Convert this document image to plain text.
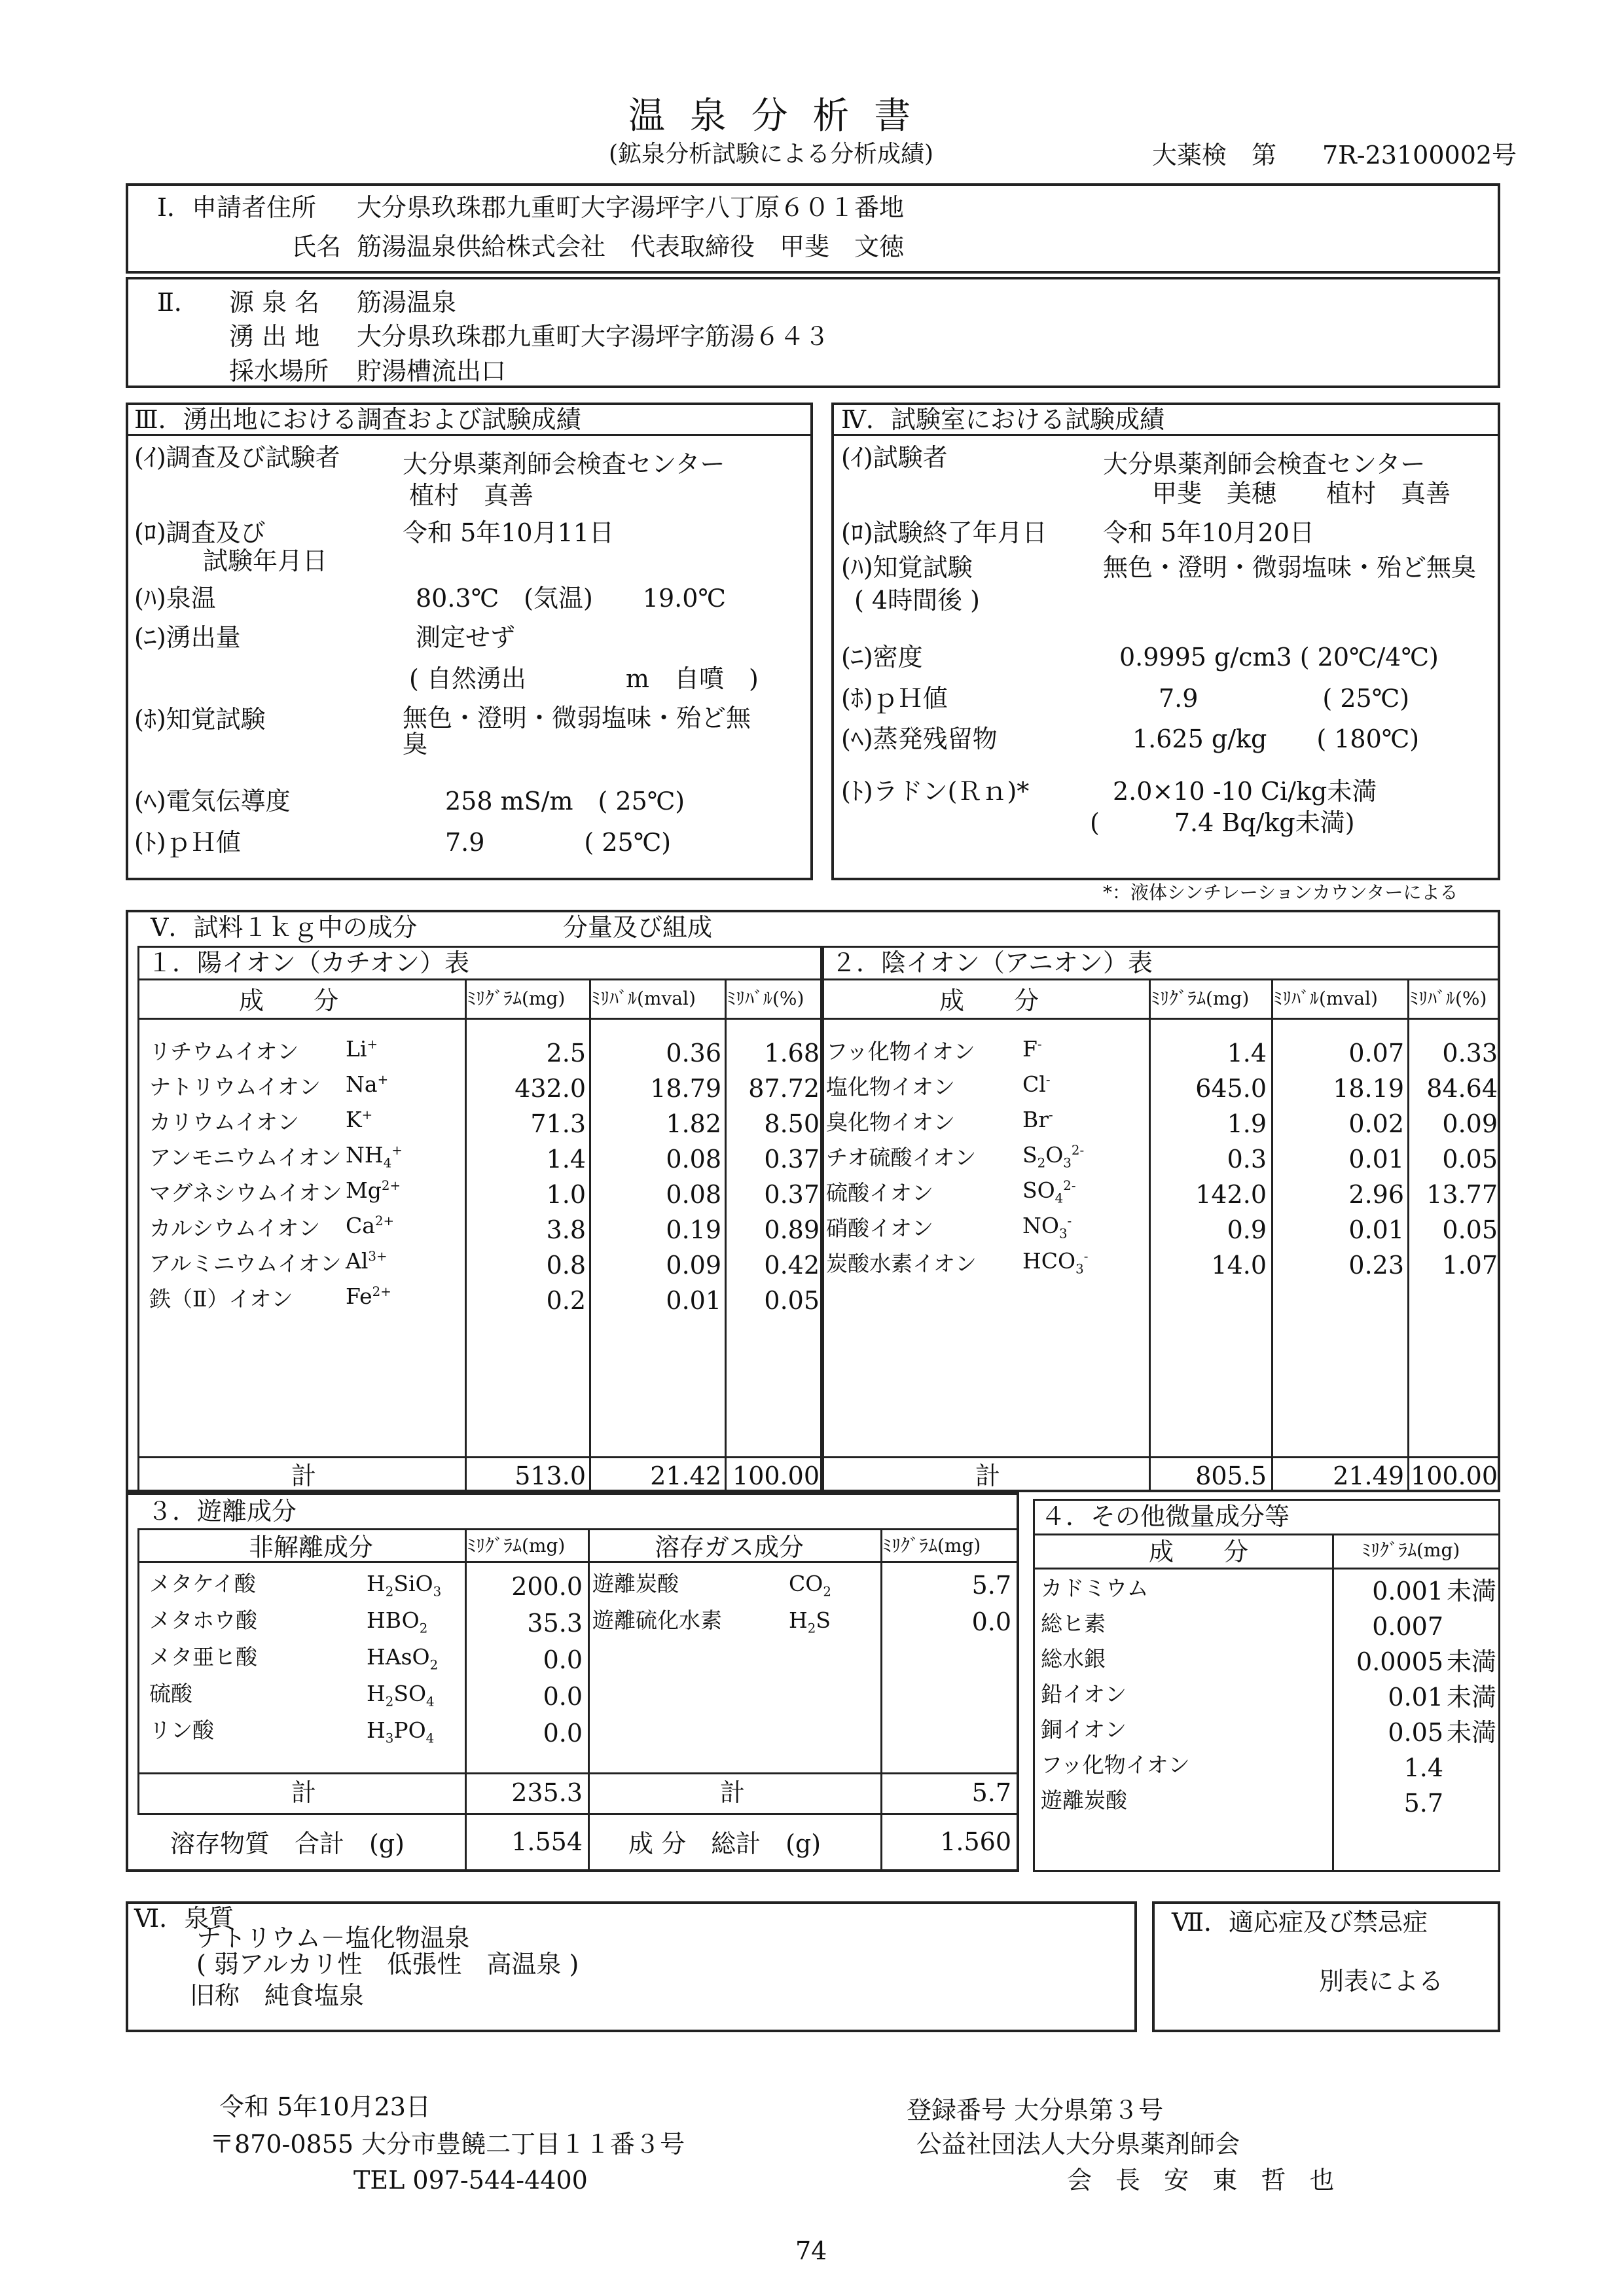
温 泉 分 析 書
(鉱泉分析試験による分析成績)	大薬検　第 7R-23100002号
Ⅰ．申請者住所 大分県玖珠郡九重町大字湯坪字八丁原６０１番地
氏名 筋湯温泉供給株式会社　代表取締役　甲斐　文徳
Ⅱ． 源 泉 名 筋湯温泉
湧 出 地 大分県玖珠郡九重町大字湯坪字筋湯６４３
採水場所 貯湯槽流出口
Ⅲ．湧出地における調査および試験成績
(ｲ)調査及び試験者	大分県薬剤師会検査センター
植村　真善
(ﾛ)調査及び
試験年月日
令和 5年10月11日
(ﾊ)泉温	80.3℃　(気温)　　19.0℃
(ﾆ)湧出量	測定せず
( 自然湧出　　　　m　自噴　)
(ﾎ)知覚試験	無色・澄明・微弱塩味・殆ど無
臭
(ﾍ)電気伝導度	258 mS/m　( 25℃)
(ﾄ)ｐＨ値	7.9　　　　( 25℃)
Ⅳ．試験室における試験成績
(ｲ)試験者	大分県薬剤師会検査センター
甲斐　美穂　　植村　真善
(ﾛ)試験終了年月日 令和 5年10月20日
(ﾊ)知覚試験
( 4時間後 )
無色・澄明・微弱塩味・殆ど無臭
(ﾆ)密度	0.9995 g/cm3 ( 20℃/4℃)
(ﾎ)ｐＨ値	7.9　　　　　( 25℃)
(ﾍ)蒸発残留物	1.625 g/kg　　( 180℃)
(ﾄ)ラドン(Ｒｎ)*	2.0×10 -10 Ci/kg未満
(　　　7.4 Bq/kg未満)
*：液体シンチレーションカウンターによる
Ⅴ．試料１ｋｇ中の成分	分量及び組成
１．陽イオン（カチオン）表
成　　分	ﾐﾘｸﾞﾗﾑ(mg) ﾐﾘﾊﾞﾙ(mval) ﾐﾘﾊﾞﾙ(%)
リチウムイオン Li+	2.5	0.36	1.68
ナトリウムイオン Na+	432.0	18.79	87.72
カリウムイオン K+	71.3	1.82	8.50
アンモニウムイオン $NH_4^+$	1.4	0.08	0.37
マグネシウムイオン $Mg^{2+}$	1.0	0.08	0.37
カルシウムイオン $Ca^{2+}$	3.8	0.19	0.89
アルミニウムイオン $Al^{3+}$	0.8	0.09	0.42
鉄（Ⅱ）イオン $Fe^{2+}$	0.2	0.01	0.05
計	513.0	21.42 100.00
２．陰イオン（アニオン）表
成　　分	ﾐﾘｸﾞﾗﾑ(mg) ﾐﾘﾊﾞﾙ(mval) ﾐﾘﾊﾞﾙ(%)
フッ化物イオン F-	1.4	0.07	0.33
塩化物イオン	Cl-	645.0	18.19 84.64
臭化物イオン	Br-	1.9	0.02	0.09
チオ硫酸イオン $S_2O_3^{2-}$	0.3	0.01	0.05
硫酸イオン	$SO_4^{2-}$	142.0	2.96 13.77
硝酸イオン	$NO_3^-$	0.9	0.01	0.05
炭酸水素イオン $HCO_3^-$	14.0	0.23	1.07
計	805.5	21.49 100.00
３．遊離成分
非解離成分	ﾐﾘｸﾞﾗﾑ(mg)	溶存ガス成分	ﾐﾘｸﾞﾗﾑ(mg)
メタケイ酸	$H_2SiO_3$	200.0
メタホウ酸	$HBO_2$	35.3
メタ亜ヒ酸	HAsO$_2$	0.0
硫酸	$H_2SO_4$	0.0
リン酸	$H_3PO_4$	0.0
遊離炭酸	$CO_2$	5.7
遊離硫化水素	$H_2S$	0.0
計	235.3	計	5.7
溶存物質　合計　(g)	1.554 成 分　総計　(g)	1.560
４．その他微量成分等
成　　分	ﾐﾘｸﾞﾗﾑ(mg)
カドミウム	0.001 未満
総ヒ素	0.007
総水銀	0.0005 未満
鉛イオン	0.01 未満
銅イオン	0.05 未満
フッ化物イオン	1.4
遊離炭酸	5.7
Ⅵ．泉質
ナトリウム－塩化物温泉
( 弱アルカリ性　低張性　高温泉 )
旧称　純食塩泉
Ⅶ．適応症及び禁忌症
別表による
令和 5年10月23日
〒870-0855 大分市豊饒二丁目１１番３号
TEL 097-544-4400
登録番号 大分県第３号
公益社団法人大分県薬剤師会
会 長 安 東 哲 也
74
